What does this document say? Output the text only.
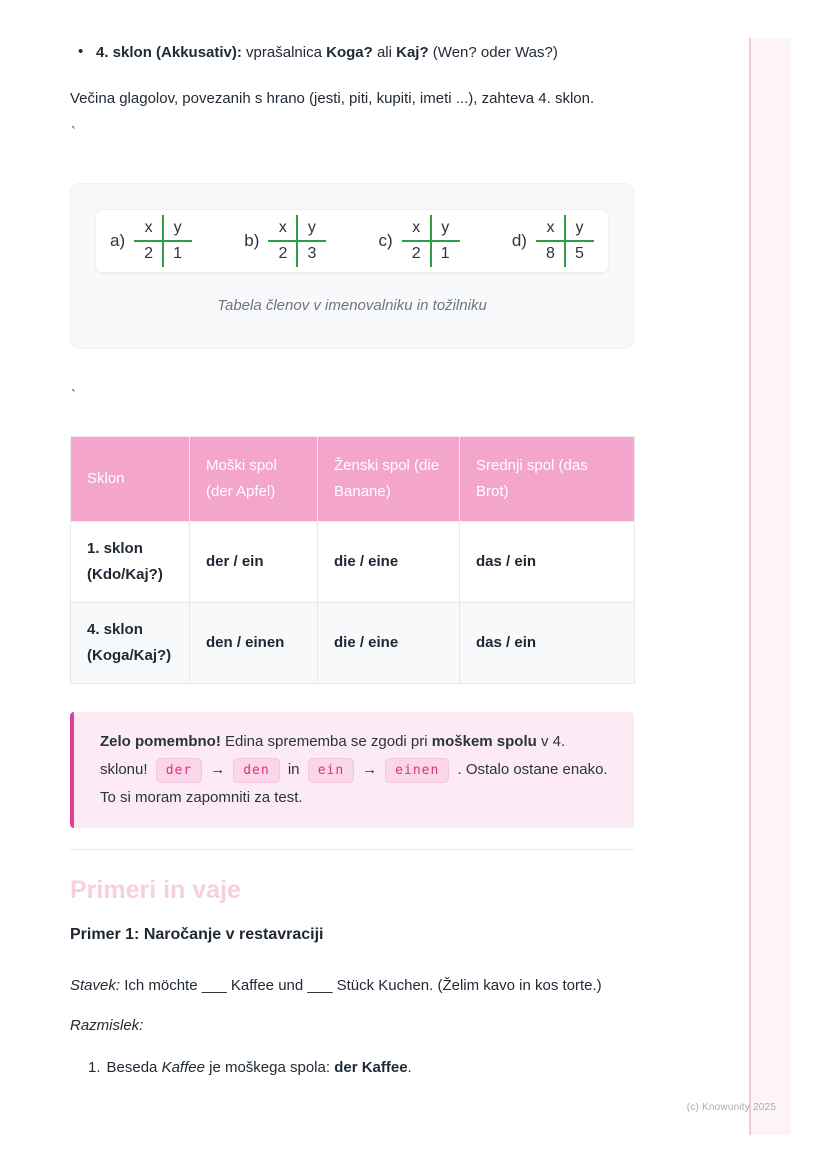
• 4. sklon (Akkusativ): vprašalnica Koga? ali Kaj? (Wen? oder Was?)

Večina glagolov, povezanih s hrano (jesti, piti, kupiti, imeti ...), zahteva 4. sklon.

`
a)
x	y
2	1
b)
x	y
2	3
c)
x	y
2	1
d)
x	y
8	5
Tabela členov v imenovalniku in tožilniku
`
Sklon	Moški spol (der Apfel)	Ženski spol (die Banane)	Srednji spol (das Brot)
1. sklon (Kdo/Kaj?)	der / ein	die / eine	das / ein
4. sklon (Koga/Kaj?)	den / einen	die / eine	das / ein
Zelo pomembno! Edina sprememba se zgodi pri moškem spolu v 4. sklonu! der → den in ein → einen . Ostalo ostane enako. To si moram zapomniti za test.
Primeri in vaje
Primer 1: Naročanje v restavraciji

Stavek: Ich möchte ___ Kaffee und ___ Stück Kuchen. (Želim kavo in kos torte.)

Razmislek:
1. Beseda Kaffee je moškega spola: der Kaffee.
(c) Knowunity 2025
